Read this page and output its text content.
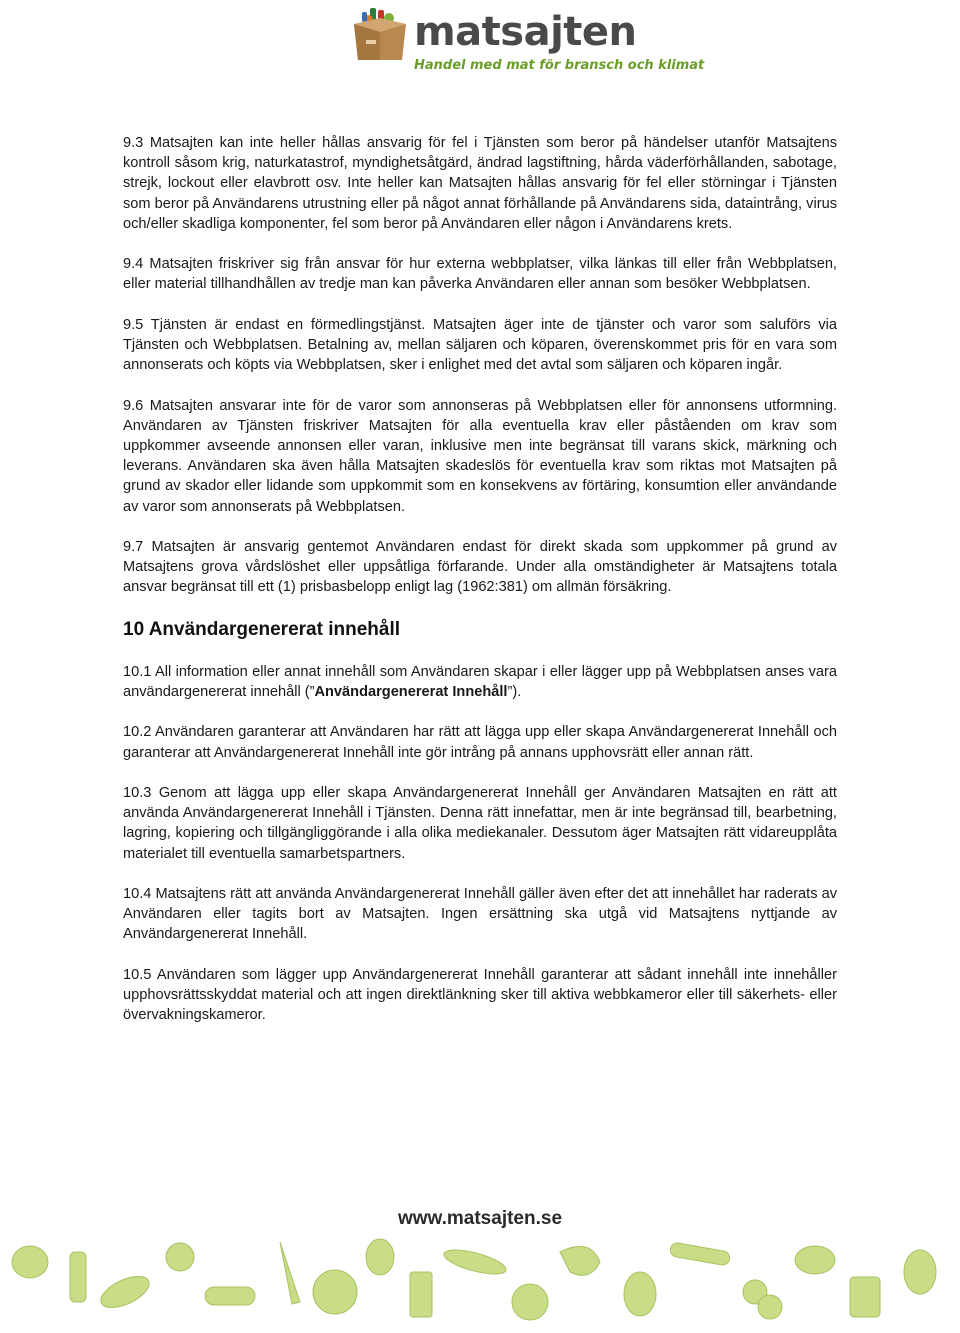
matsajten
Handel med mat för bransch och klimat

9.3 Matsajten kan inte heller hållas ansvarig för fel i Tjänsten som beror på händelser utanför Matsajtens kontroll såsom krig, naturkatastrof, myndighetsåtgärd, ändrad lagstiftning, hårda väderförhållanden, sabotage, strejk, lockout eller elavbrott osv. Inte heller kan Matsajten hållas ansvarig för fel eller störningar i Tjänsten som beror på Användarens utrustning eller på något annat förhållande på Användarens sida, dataintrång, virus och/eller skadliga komponenter, fel som beror på Användaren eller någon i Användarens krets.

9.4 Matsajten friskriver sig från ansvar för hur externa webbplatser, vilka länkas till eller från Webbplatsen, eller material tillhandhållen av tredje man kan påverka Användaren eller annan som besöker Webbplatsen.

9.5 Tjänsten är endast en förmedlingstjänst. Matsajten äger inte de tjänster och varor som saluförs via Tjänsten och Webbplatsen. Betalning av, mellan säljaren och köparen, överenskommet pris för en vara som annonserats och köpts via Webbplatsen, sker i enlighet med det avtal som säljaren och köparen ingår.

9.6 Matsajten ansvarar inte för de varor som annonseras på Webbplatsen eller för annonsens utformning. Användaren av Tjänsten friskriver Matsajten för alla eventuella krav eller påståenden om krav som uppkommer avseende annonsen eller varan, inklusive men inte begränsat till varans skick, märkning och leverans. Användaren ska även hålla Matsajten skadeslös för eventuella krav som riktas mot Matsajten på grund av skador eller lidande som uppkommit som en konsekvens av förtäring, konsumtion eller användande av varor som annonserats på Webbplatsen.

9.7 Matsajten är ansvarig gentemot Användaren endast för direkt skada som uppkommer på grund av Matsajtens grova vårdslöshet eller uppsåtliga förfarande. Under alla omständigheter är Matsajtens totala ansvar begränsat till ett (1) prisbasbelopp enligt lag (1962:381) om allmän försäkring.

10 Användargenererat innehåll

10.1 All information eller annat innehåll som Användaren skapar i eller lägger upp på Webbplatsen anses vara användargenererat innehåll (”Användargenererat Innehåll”).

10.2 Användaren garanterar att Användaren har rätt att lägga upp eller skapa Användargenererat Innehåll och garanterar att Användargenererat Innehåll inte gör intrång på annans upphovsrätt eller annan rätt.

10.3 Genom att lägga upp eller skapa Användargenererat Innehåll ger Användaren Matsajten en rätt att använda Användargenererat Innehåll i Tjänsten. Denna rätt innefattar, men är inte begränsad till, bearbetning, lagring, kopiering och tillgängliggörande i alla olika mediekanaler. Dessutom äger Matsajten rätt vidareupplåta materialet till eventuella samarbetspartners.

10.4 Matsajtens rätt att använda Användargenererat Innehåll gäller även efter det att innehållet har raderats av Användaren eller tagits bort av Matsajten. Ingen ersättning ska utgå vid Matsajtens nyttjande av Användargenererat Innehåll.

10.5 Användaren som lägger upp Användargenererat Innehåll garanterar att sådant innehåll inte innehåller upphovsrättsskyddat material och att ingen direktlänkning sker till aktiva webbkameror eller till säkerhets- eller övervakningskameror.

www.matsajten.se
